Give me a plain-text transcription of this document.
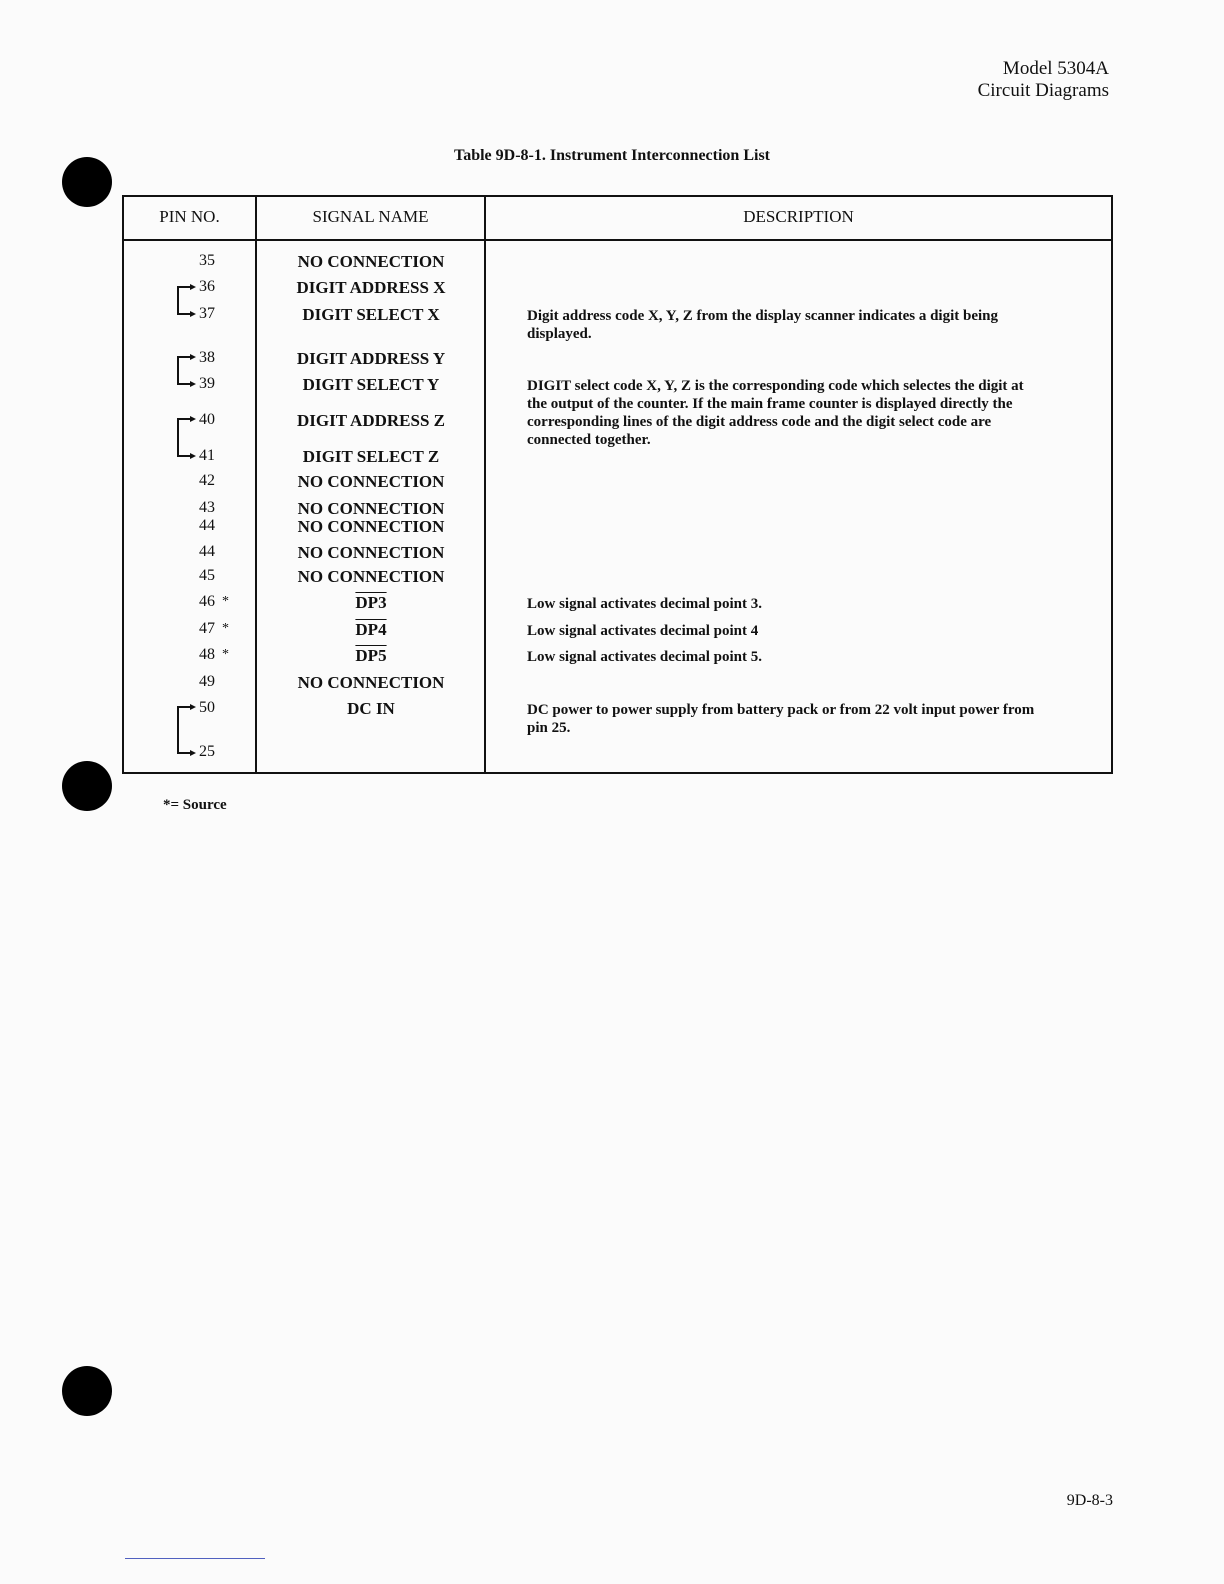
Model 5304A
Circuit Diagrams
Table 9D-8-1. Instrument Interconnection List
PIN NO.	SIGNAL NAME	DESCRIPTION
35
36
37
38
39
40
41
42
43
44
44
45
46
47
48
49
50
25
*
*
*
NO CONNECTION
DIGIT ADDRESS X
DIGIT SELECT X
DIGIT ADDRESS Y
DIGIT SELECT Y
DIGIT ADDRESS Z
DIGIT SELECT Z
NO CONNECTION
NO CONNECTION
NO CONNECTION
NO CONNECTION
NO CONNECTION
DP3
DP4
DP5
NO CONNECTION
DC IN
Digit address code X, Y, Z from the display scanner indicates a digit being displayed.
DIGIT select code X, Y, Z is the corresponding code which selectes the digit at the output of the counter. If the main frame counter is displayed directly the corresponding lines of the digit address code and the digit select code are connected together.
Low signal activates decimal point 3.
Low signal activates decimal point 4
Low signal activates decimal point 5.
DC power to power supply from battery pack or from 22 volt input power from pin 25.
*= Source
9D-8-3
